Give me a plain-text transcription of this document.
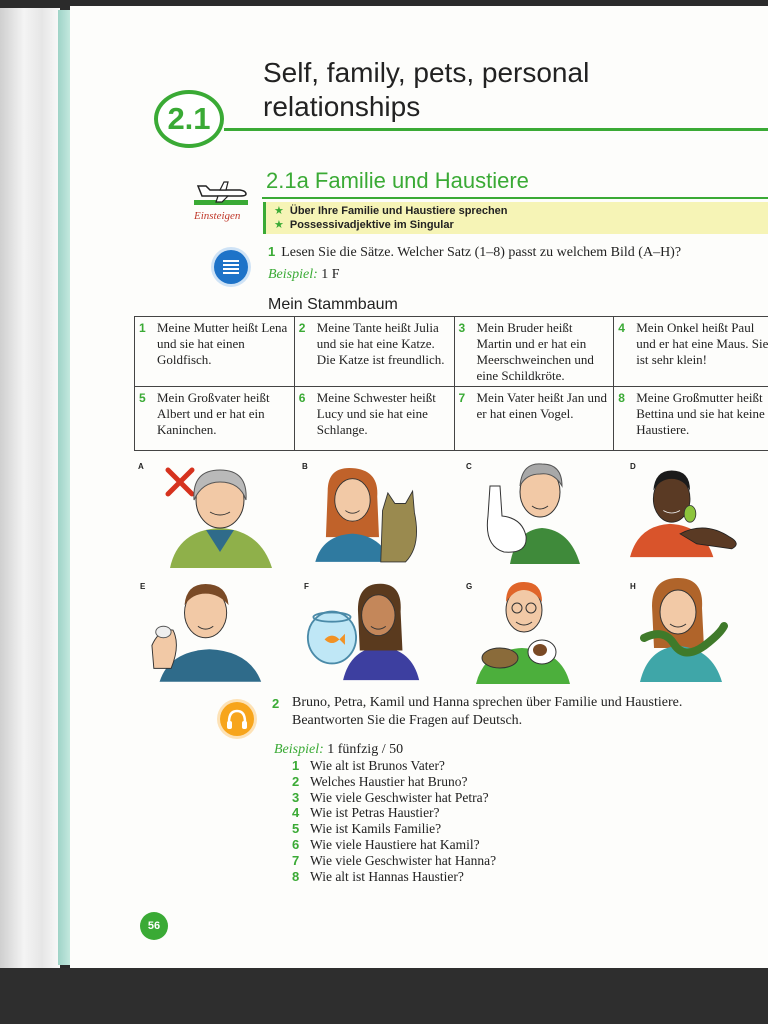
2.1
Self, family, pets, personal
relationships
Einsteigen
2.1a Familie und Haustiere
★ Über Ihre Familie und Haustiere sprechen
★ Possessivadjektive im Singular
1 Lesen Sie die Sätze. Welcher Satz (1–8) passt zu welchem Bild (A–H)?
Beispiel: 1 F
Mein Stammbaum
1 Meine Mutter heißt Lena und sie hat einen Goldfisch.	2 Meine Tante heißt Julia und sie hat eine Katze. Die Katze ist freundlich.	3 Mein Bruder heißt Martin und er hat ein Meerschweinchen und eine Schildkröte.	4 Mein Onkel heißt Paul und er hat eine Maus. Sie ist sehr klein!

5 Mein Großvater heißt Albert und er hat ein Kaninchen.	6 Meine Schwester heißt Lucy und sie hat eine Schlange.	7 Mein Vater heißt Jan und er hat einen Vogel.	8 Meine Großmutter heißt Bettina und sie hat keine Haustiere.
A	B	C	D
E	F	G	H
2 Bruno, Petra, Kamil und Hanna sprechen über Familie und Haustiere. Beantworten Sie die Fragen auf Deutsch.
Beispiel: 1 fünfzig / 50
1 Wie alt ist Brunos Vater?
2 Welches Haustier hat Bruno?
3 Wie viele Geschwister hat Petra?
4 Wie ist Petras Haustier?
5 Wie ist Kamils Familie?
6 Wie viele Haustiere hat Kamil?
7 Wie viele Geschwister hat Hanna?
8 Wie alt ist Hannas Haustier?
56
